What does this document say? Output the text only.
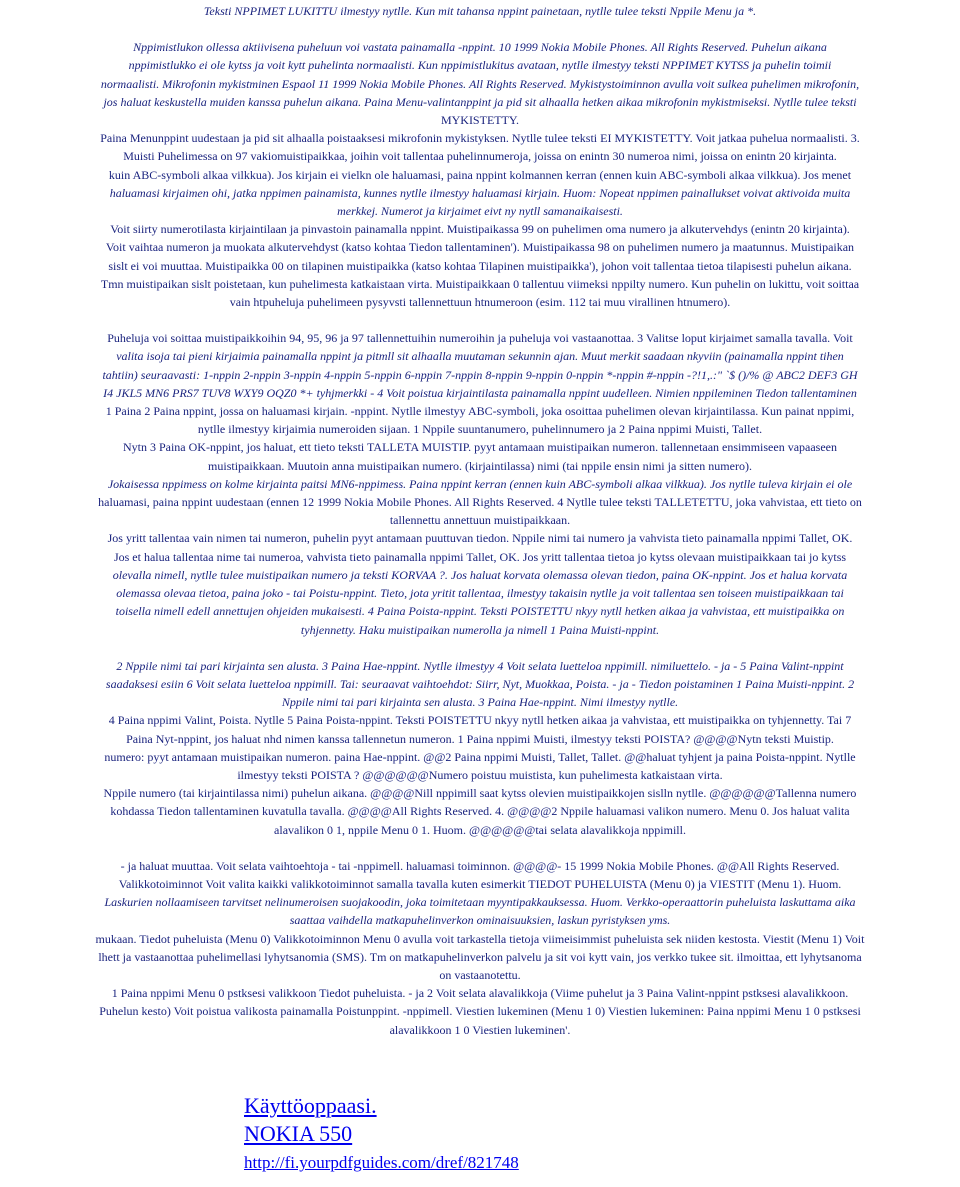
Teksti NPPIMET LUKITTU ilmestyy nytlle. Kun mit tahansa nppint painetaan, nytlle tulee teksti Nppile Menu ja *.

Nppimistlukon ollessa aktiivisena puheluun voi vastata painamalla -nppint. 10 1999 Nokia Mobile Phones. All Rights Reserved. Puhelun aikana
nppimistlukko ei ole kytss ja voit kytt puhelinta normaalisti. Kun nppimistlukitus avataan, nytlle ilmestyy teksti NPPIMET KYTSS ja puhelin toimii
normaalisti. Mikrofonin mykistminen Espaol 11 1999 Nokia Mobile Phones. All Rights Reserved. Mykistystoiminnon avulla voit sulkea puhelimen mikrofonin,
jos haluat keskustella muiden kanssa puhelun aikana. Paina Menu-valintanppint ja pid sit alhaalla hetken aikaa mikrofonin mykistmiseksi. Nytlle tulee teksti
MYKISTETTY.
Paina Menunppint uudestaan ja pid sit alhaalla poistaaksesi mikrofonin mykistyksen. Nytlle tulee teksti EI MYKISTETTY. Voit jatkaa puhelua normaalisti. 3.
Muisti Puhelimessa on 97 vakiomuistipaikkaa, joihin voit tallentaa puhelinnumeroja, joissa on enintn 30 numeroa nimi, joissa on enintn 20 kirjainta.
kuin ABC-symboli alkaa vilkkua). Jos kirjain ei vielkn ole haluamasi, paina nppint kolmannen kerran (ennen kuin ABC-symboli alkaa vilkkua). Jos menet
haluamasi kirjaimen ohi, jatka nppimen painamista, kunnes nytlle ilmestyy haluamasi kirjain. Huom: Nopeat nppimen painallukset voivat aktivoida muita
merkkej. Numerot ja kirjaimet eivt ny nytll samanaikaisesti.
Voit siirty numerotilasta kirjaintilaan ja pinvastoin painamalla nppint. Muistipaikassa 99 on puhelimen oma numero ja alkutervehdys (enintn 20 kirjainta).
Voit vaihtaa numeron ja muokata alkutervehdyst (katso kohtaa Tiedon tallentaminen'). Muistipaikassa 98 on puhelimen numero ja maatunnus. Muistipaikan
sislt ei voi muuttaa. Muistipaikka 00 on tilapinen muistipaikka (katso kohtaa Tilapinen muistipaikka'), johon voit tallentaa tietoa tilapisesti puhelun aikana.
Tmn muistipaikan sislt poistetaan, kun puhelimesta katkaistaan virta. Muistipaikkaan 0 tallentuu viimeksi nppilty numero. Kun puhelin on lukittu, voit soittaa
vain htpuheluja puhelimeen pysyvsti tallennettuun htnumeroon (esim. 112 tai muu virallinen htnumero).

Puheluja voi soittaa muistipaikkoihin 94, 95, 96 ja 97 tallennettuihin numeroihin ja puheluja voi vastaanottaa. 3 Valitse loput kirjaimet samalla tavalla. Voit
valita isoja tai pieni kirjaimia painamalla nppint ja pitmll sit alhaalla muutaman sekunnin ajan. Muut merkit saadaan nkyviin (painamalla nppint tihen
tahtiin) seuraavasti: 1-nppin 2-nppin 3-nppin 4-nppin 5-nppin 6-nppin 7-nppin 8-nppin 9-nppin 0-nppin *-nppin #-nppin -?!1,.:" `$ ()/% @ ABC2 DEF3 GH
I4 JKL5 MN6 PRS7 TUV8 WXY9 OQZ0 *+ tyhjmerkki - 4 Voit poistua kirjaintilasta painamalla nppint uudelleen. Nimien nppileminen Tiedon tallentaminen
1 Paina 2 Paina nppint, jossa on haluamasi kirjain. -nppint. Nytlle ilmestyy ABC-symboli, joka osoittaa puhelimen olevan kirjaintilassa. Kun painat nppimi,
nytlle ilmestyy kirjaimia numeroiden sijaan. 1 Nppile suuntanumero, puhelinnumero ja 2 Paina nppimi Muisti, Tallet.
Nytn 3 Paina OK-nppint, jos haluat, ett tieto teksti TALLETA MUISTIP. pyyt antamaan muistipaikan numeron. tallennetaan ensimmiseen vapaaseen
muistipaikkaan. Muutoin anna muistipaikan numero. (kirjaintilassa) nimi (tai nppile ensin nimi ja sitten numero).
Jokaisessa nppimess on kolme kirjainta paitsi MN6-nppimess. Paina nppint kerran (ennen kuin ABC-symboli alkaa vilkkua). Jos nytlle tuleva kirjain ei ole
haluamasi, paina nppint uudestaan (ennen 12 1999 Nokia Mobile Phones. All Rights Reserved. 4 Nytlle tulee teksti TALLETETTU, joka vahvistaa, ett tieto on
tallennettu annettuun muistipaikkaan.
Jos yritt tallentaa vain nimen tai numeron, puhelin pyyt antamaan puuttuvan tiedon. Nppile nimi tai numero ja vahvista tieto painamalla nppimi Tallet, OK.
Jos et halua tallentaa nime tai numeroa, vahvista tieto painamalla nppimi Tallet, OK. Jos yritt tallentaa tietoa jo kytss olevaan muistipaikkaan tai jo kytss
olevalla nimell, nytlle tulee muistipaikan numero ja teksti KORVAA ?. Jos haluat korvata olemassa olevan tiedon, paina OK-nppint. Jos et halua korvata
olemassa olevaa tietoa, paina joko - tai Poistu-nppint. Tieto, jota yritit tallentaa, ilmestyy takaisin nytlle ja voit tallentaa sen toiseen muistipaikkaan tai
toisella nimell edell annettujen ohjeiden mukaisesti. 4 Paina Poista-nppint. Teksti POISTETTU nkyy nytll hetken aikaa ja vahvistaa, ett muistipaikka on
tyhjennetty. Haku muistipaikan numerolla ja nimell 1 Paina Muisti-nppint.

2 Nppile nimi tai pari kirjainta sen alusta. 3 Paina Hae-nppint. Nytlle ilmestyy 4 Voit selata luetteloa nppimill. nimiluettelo. - ja - 5 Paina Valint-nppint
saadaksesi esiin 6 Voit selata luetteloa nppimill. Tai: seuraavat vaihtoehdot: Siirr, Nyt, Muokkaa, Poista. - ja - Tiedon poistaminen 1 Paina Muisti-nppint. 2
Nppile nimi tai pari kirjainta sen alusta. 3 Paina Hae-nppint. Nimi ilmestyy nytlle.
4 Paina nppimi Valint, Poista. Nytlle 5 Paina Poista-nppint. Teksti POISTETTU nkyy nytll hetken aikaa ja vahvistaa, ett muistipaikka on tyhjennetty. Tai 7
Paina Nyt-nppint, jos haluat nhd nimen kanssa tallennetun numeron. 1 Paina nppimi Muisti, ilmestyy teksti POISTA? @@@@Nytn teksti Muistip.
numero: pyyt antamaan muistipaikan numeron. paina Hae-nppint. @@2 Paina nppimi Muisti, Tallet, Tallet. @@haluat tyhjent ja paina Poista-nppint. Nytlle
ilmestyy teksti POISTA ? @@@@@@Numero poistuu muistista, kun puhelimesta katkaistaan virta.
Nppile numero (tai kirjaintilassa nimi) puhelun aikana. @@@@Nill nppimill saat kytss olevien muistipaikkojen sislln nytlle. @@@@@@Tallenna numero
kohdassa Tiedon tallentaminen kuvatulla tavalla. @@@@All Rights Reserved. 4. @@@@2 Nppile haluamasi valikon numero. Menu 0. Jos haluat valita
alavalikon 0 1, nppile Menu 0 1. Huom. @@@@@@tai selata alavalikkoja nppimill.

- ja haluat muuttaa. Voit selata vaihtoehtoja - tai -nppimell. haluamasi toiminnon. @@@@- 15 1999 Nokia Mobile Phones. @@All Rights Reserved.
Valikkotoiminnot Voit valita kaikki valikkotoiminnot samalla tavalla kuten esimerkit TIEDOT PUHELUISTA (Menu 0) ja VIESTIT (Menu 1). Huom.
Laskurien nollaamiseen tarvitset nelinumeroisen suojakoodin, joka toimitetaan myyntipakkauksessa. Huom. Verkko-operaattorin puheluista laskuttama aika
saattaa vaihdella matkapuhelinverkon ominaisuuksien, laskun pyristyksen yms.
mukaan. Tiedot puheluista (Menu 0) Valikkotoiminnon Menu 0 avulla voit tarkastella tietoja viimeisimmist puheluista sek niiden kestosta. Viestit (Menu 1) Voit
lhett ja vastaanottaa puhelimellasi lyhytsanomia (SMS). Tm on matkapuhelinverkon palvelu ja sit voi kytt vain, jos verkko tukee sit. ilmoittaa, ett lyhytsanoma
on vastaanotettu.
1 Paina nppimi Menu 0 pstksesi valikkoon Tiedot puheluista. - ja 2 Voit selata alavalikkoja (Viime puhelut ja 3 Paina Valint-nppint pstksesi alavalikkoon.
Puhelun kesto) Voit poistua valikosta painamalla Poistunppint. -nppimell. Viestien lukeminen (Menu 1 0) Viestien lukeminen: Paina nppimi Menu 1 0 pstksesi
alavalikkoon 1 0 Viestien lukeminen'.

Käyttöoppaasi.
NOKIA 550
http://fi.yourpdfguides.com/dref/821748
